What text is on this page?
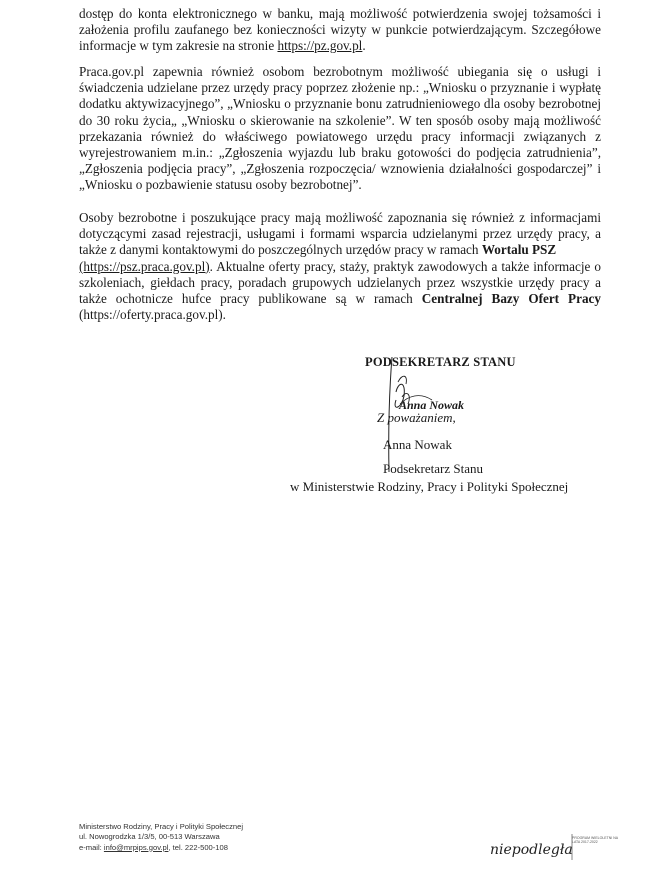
dostęp do konta elektronicznego w banku, mają możliwość potwierdzenia swojej tożsamości i założenia profilu zaufanego bez konieczności wizyty w punkcie potwierdzającym. Szczegółowe informacje w tym zakresie na stronie https://pz.gov.pl.

Praca.gov.pl zapewnia również osobom bezrobotnym możliwość ubiegania się o usługi i świadczenia udzielane przez urzędy pracy poprzez złożenie np.: „Wniosku o przyznanie i wypłatę dodatku aktywizacyjnego”, „Wniosku o przyznanie bonu zatrudnieniowego dla osoby bezrobotnej do 30 roku życia„ „Wniosku o skierowanie na szkolenie”. W ten sposób osoby mają możliwość przekazania również do właściwego powiatowego urzędu pracy informacji związanych z wyrejestrowaniem m.in.: „Zgłoszenia wyjazdu lub braku gotowości do podjęcia zatrudnienia”, „Zgłoszenia podjęcia pracy”, „Zgłoszenia rozpoczęcia/ wznowienia działalności gospodarczej” i „Wniosku o pozbawienie statusu osoby bezrobotnej”.

Osoby bezrobotne i poszukujące pracy mają możliwość zapoznania się również z informacjami dotyczącymi zasad rejestracji, usługami i formami wsparcia udzielanymi przez urzędy pracy, a także z danymi kontaktowymi do poszczególnych urzędów pracy w ramach Wortalu PSZ
(https://psz.praca.gov.pl). Aktualne oferty pracy, staży, praktyk zawodowych a także informacje o szkoleniach, giełdach pracy, poradach grupowych udzielanych przez wszystkie urzędy pracy a także ochotnicze hufce pracy publikowane są w ramach Centralnej Bazy Ofert Pracy (https://oferty.praca.gov.pl).

PODSEKRETARZ STANU
Anna Nowak
Z poważaniem,
Anna Nowak
Podsekretarz Stanu
w Ministerstwie Rodziny, Pracy i Polityki Społecznej
Ministerstwo Rodziny, Pracy i Polityki Społecznej
ul. Nowogrodzka 1/3/5, 00-513 Warszawa
e-mail: info@mrpips.gov.pl, tel. 222-500-108	niepodległa
PROGRAM WIELOLETNI NA LATA 2017-2022
